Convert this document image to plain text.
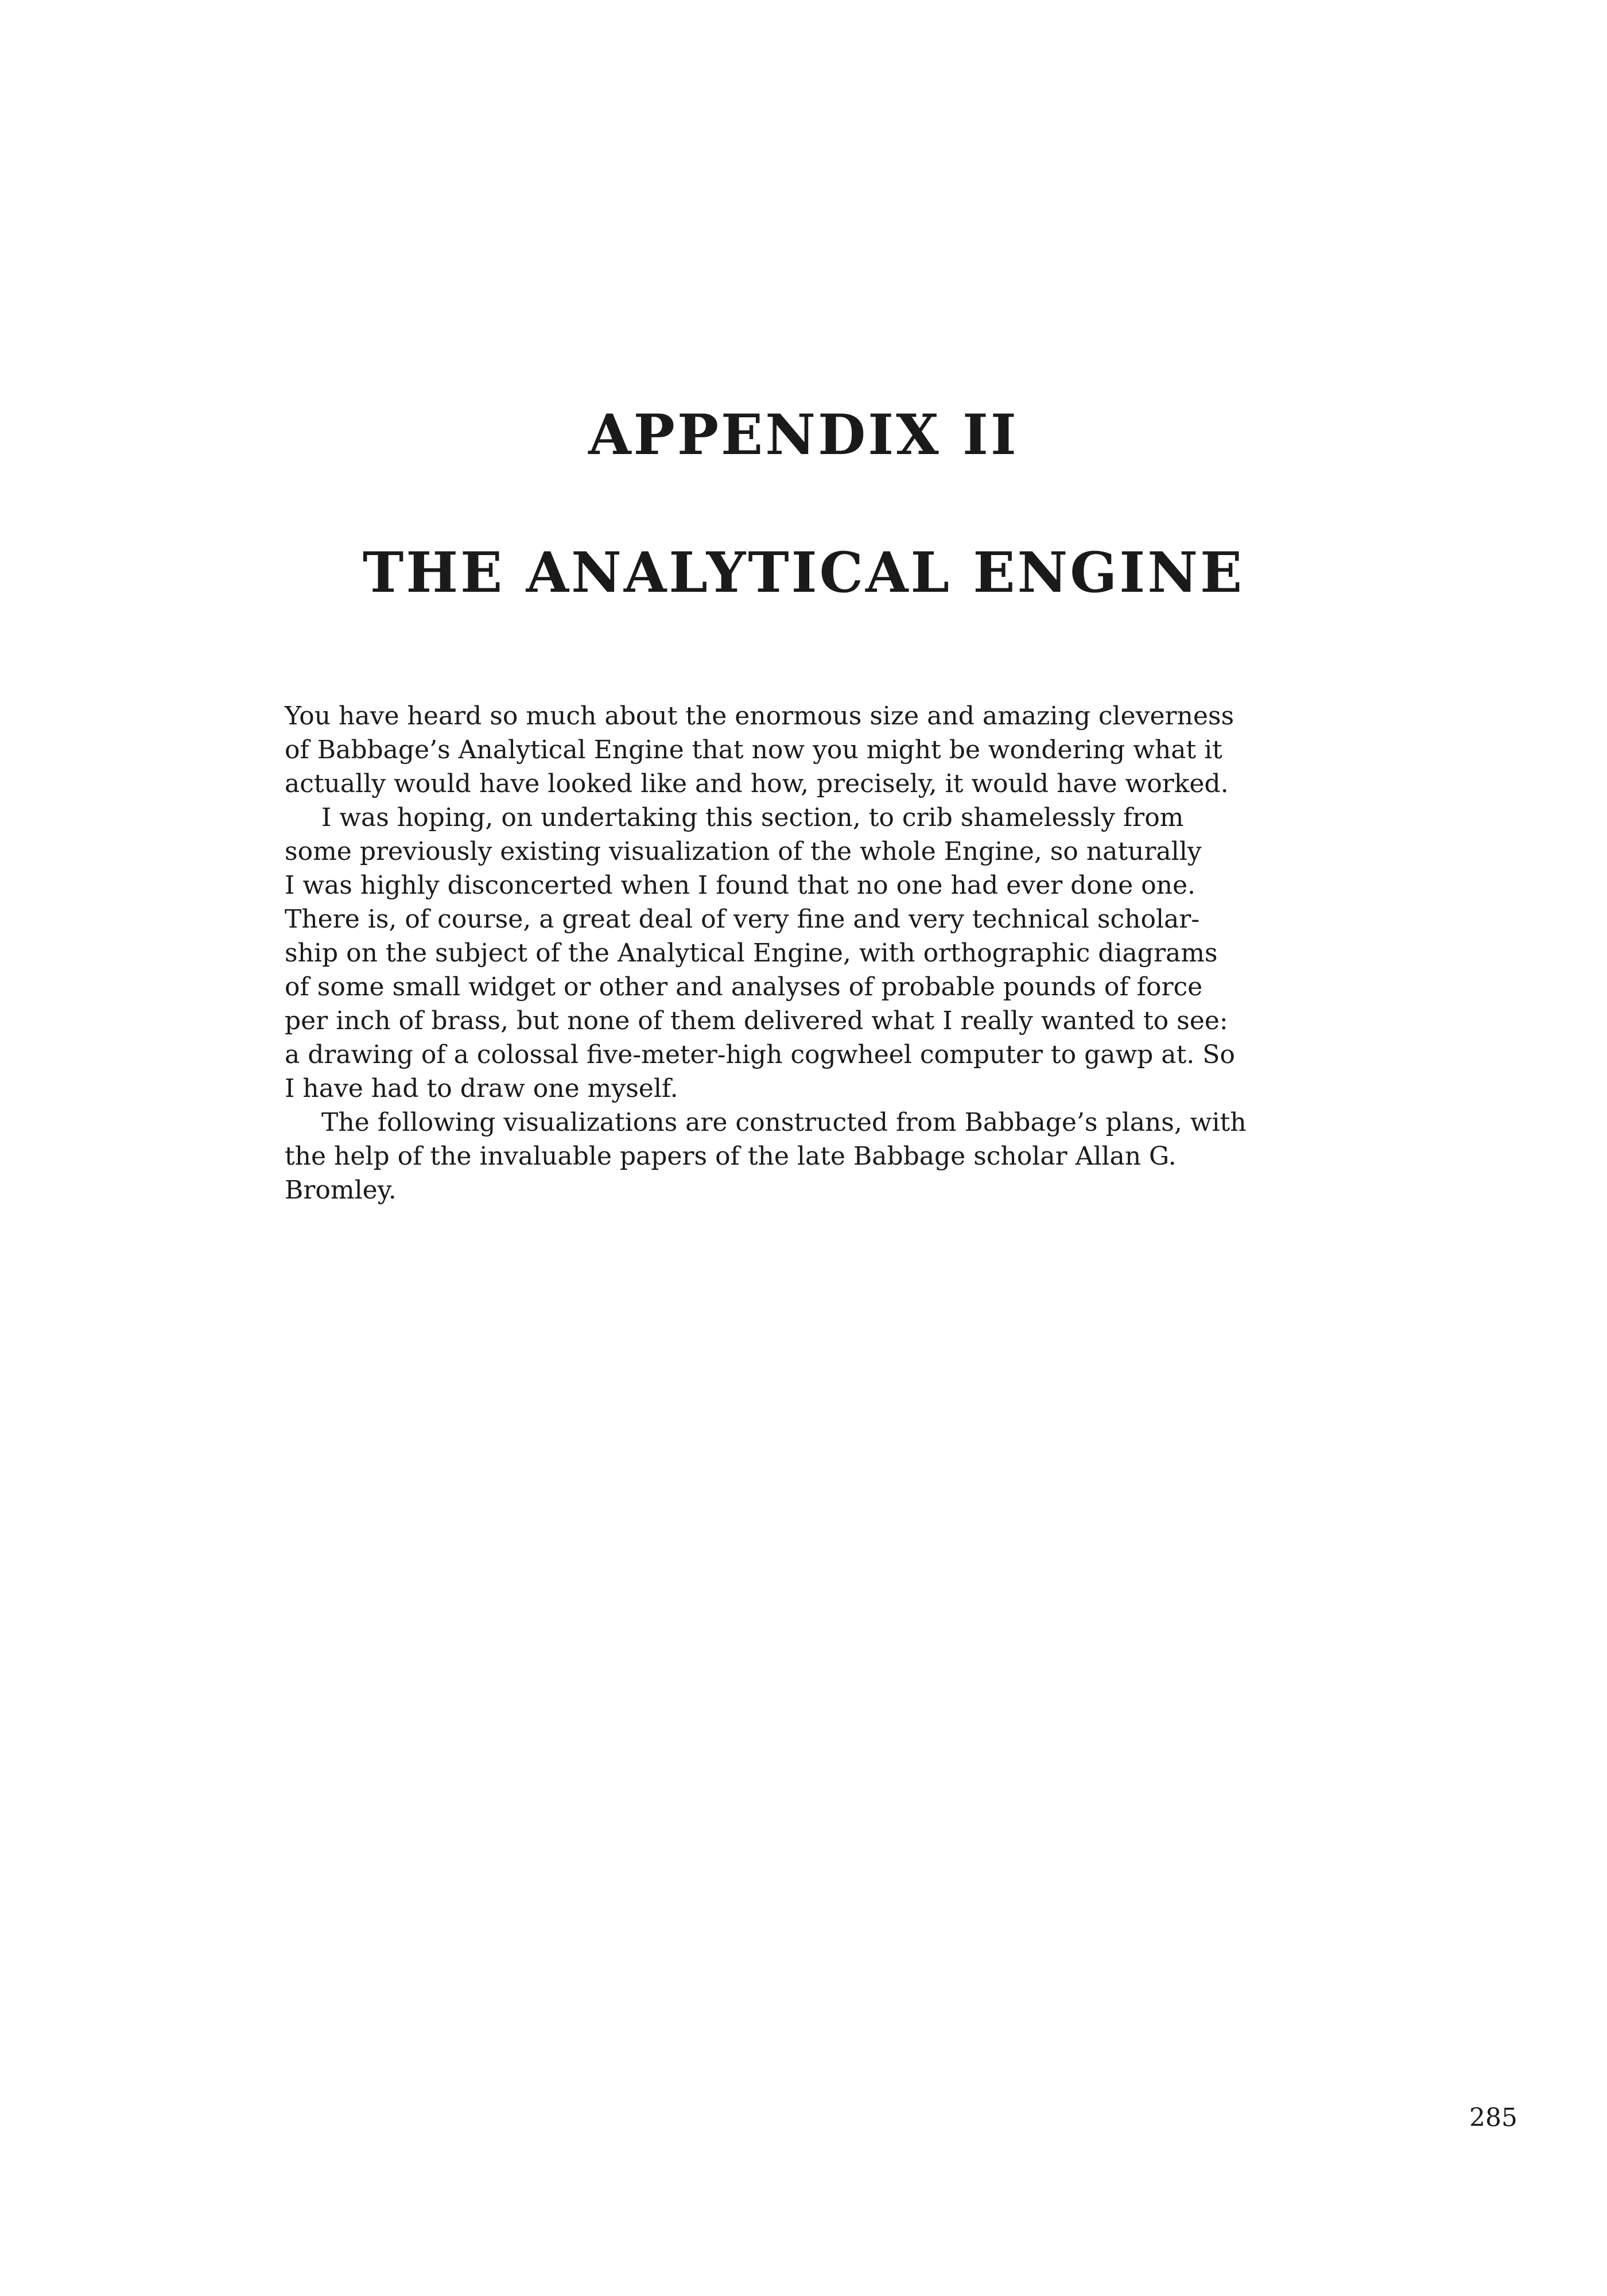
APPENDIX II
THE ANALYTICAL ENGINE
You have heard so much about the enormous size and amazing cleverness
of Babbage’s Analytical Engine that now you might be wondering what it
actually would have looked like and how, precisely, it would have worked.
I was hoping, on undertaking this section, to crib shamelessly from
some previously existing visualization of the whole Engine, so naturally
I was highly disconcerted when I found that no one had ever done one.
There is, of course, a great deal of very fine and very technical scholar-
ship on the subject of the Analytical Engine, with orthographic diagrams
of some small widget or other and analyses of probable pounds of force
per inch of brass, but none of them delivered what I really wanted to see:
a drawing of a colossal five-meter-high cogwheel computer to gawp at. So
I have had to draw one myself.
The following visualizations are constructed from Babbage’s plans, with
the help of the invaluable papers of the late Babbage scholar Allan G.
Bromley.
285
